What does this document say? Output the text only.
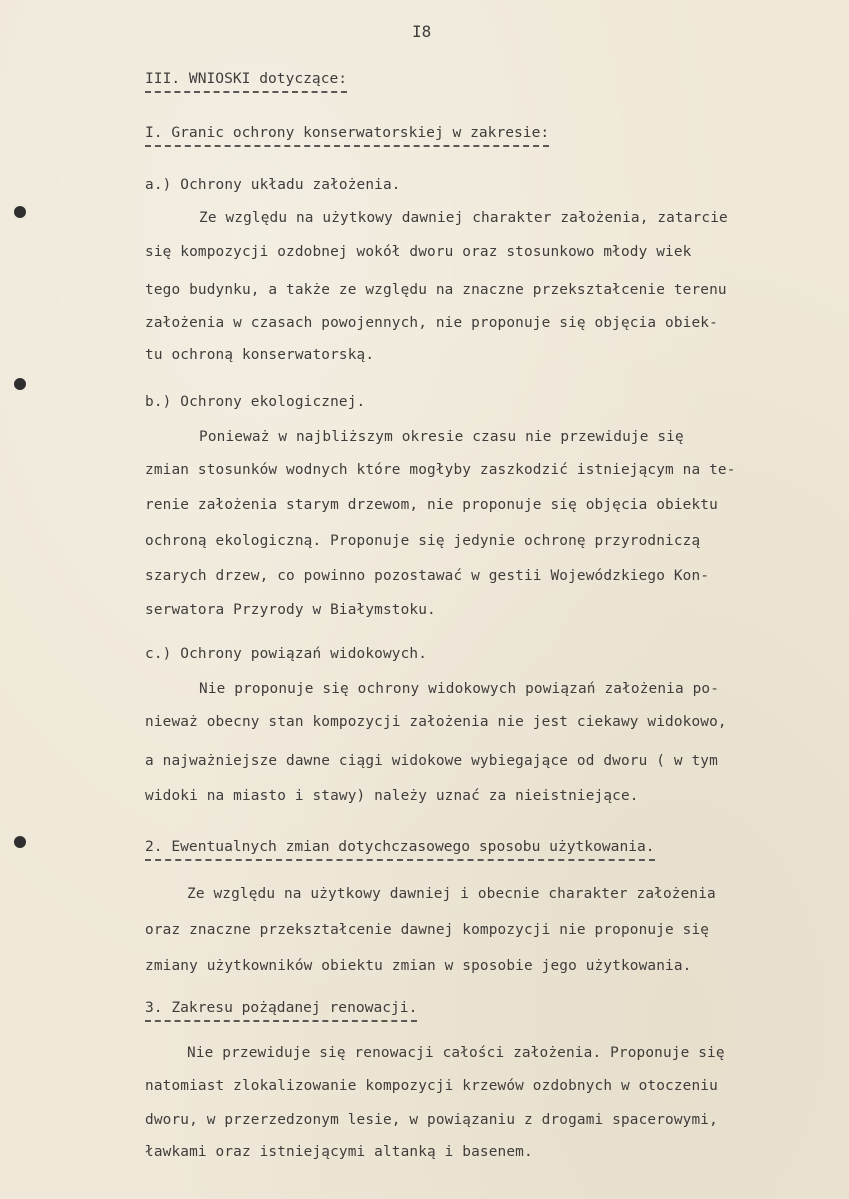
I8
III. WNIOSKI dotyczące:
I. Granic ochrony konserwatorskiej w zakresie:
a.) Ochrony układu założenia.
Ze względu na użytkowy dawniej charakter założenia, zatarcie
się kompozycji ozdobnej wokół dworu oraz stosunkowo młody wiek
tego budynku, a także ze względu na znaczne przekształcenie terenu
założenia w czasach powojennych, nie proponuje się objęcia obiek-
tu ochroną konserwatorską.
b.) Ochrony ekologicznej.
Ponieważ w najbliższym okresie czasu nie przewiduje się
zmian stosunków wodnych które mogłyby zaszkodzić istniejącym na te-
renie założenia starym drzewom, nie proponuje się objęcia obiektu
ochroną ekologiczną. Proponuje się jedynie ochronę przyrodniczą
szarych drzew, co powinno pozostawać w gestii Wojewódzkiego Kon-
serwatora Przyrody w Białymstoku.
c.) Ochrony powiązań widokowych.
Nie proponuje się ochrony widokowych powiązań założenia po-
nieważ obecny stan kompozycji założenia nie jest ciekawy widokowo,
a najważniejsze dawne ciągi widokowe wybiegające od dworu ( w tym
widoki na miasto i stawy) należy uznać za nieistniejące.
2. Ewentualnych zmian dotychczasowego sposobu użytkowania.
Ze względu na użytkowy dawniej i obecnie charakter założenia
oraz znaczne przekształcenie dawnej kompozycji nie proponuje się
zmiany użytkowników obiektu zmian w sposobie jego użytkowania.
3. Zakresu pożądanej renowacji.
Nie przewiduje się renowacji całości założenia. Proponuje się
natomiast zlokalizowanie kompozycji krzewów ozdobnych w otoczeniu
dworu, w przerzedzonym lesie, w powiązaniu z drogami spacerowymi,
ławkami oraz istniejącymi altanką i basenem.
